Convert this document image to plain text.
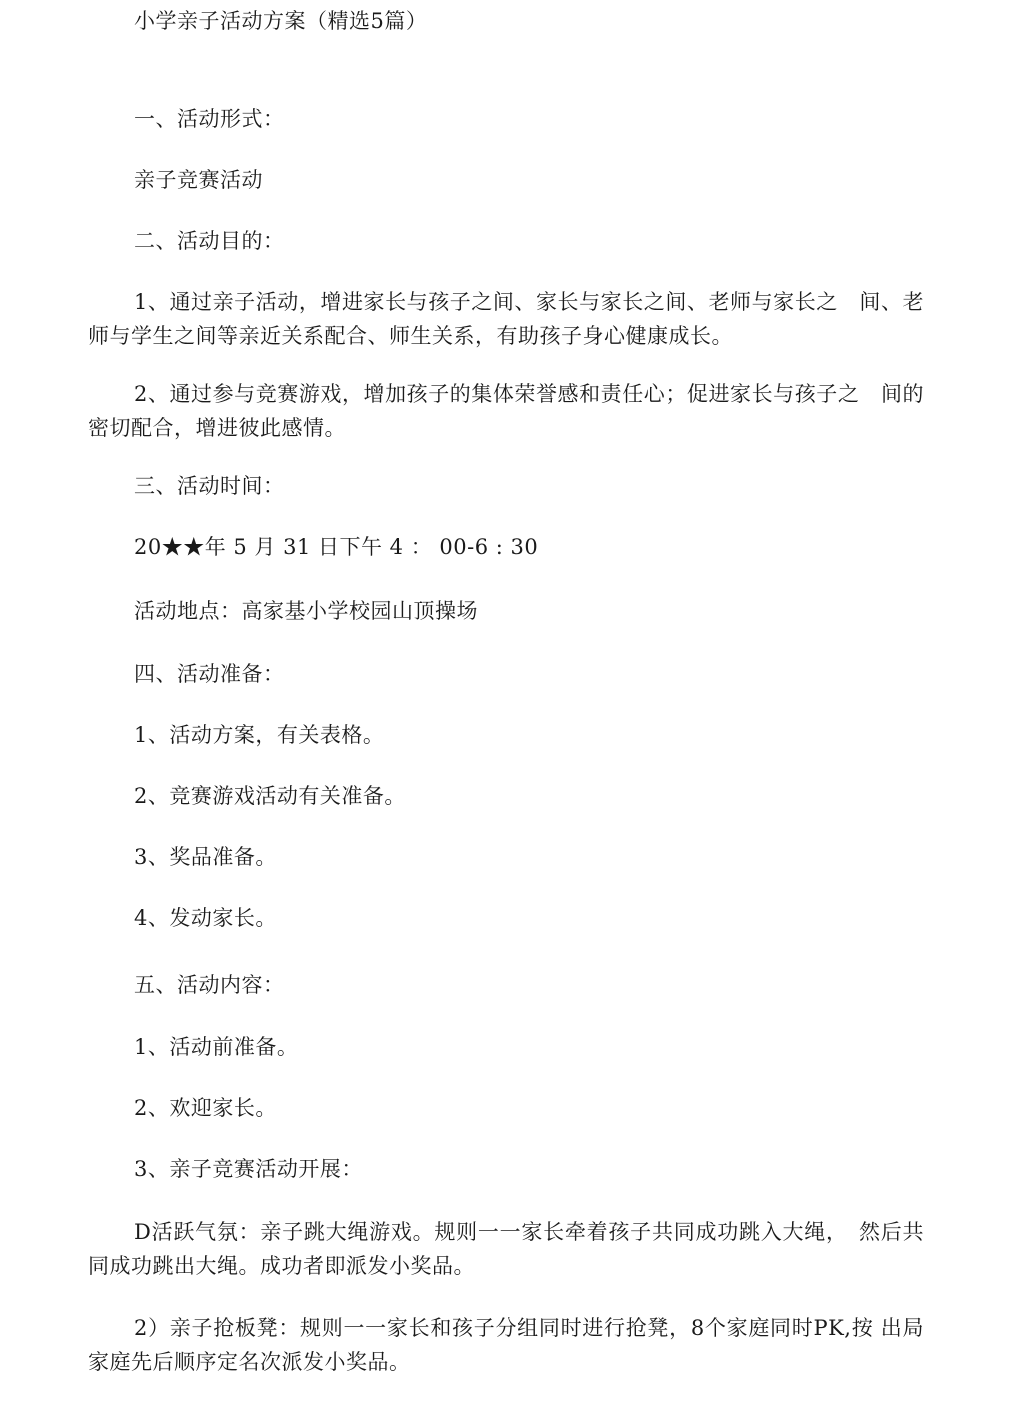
小学亲子活动方案（精选5篇）
一、活动形式：
亲子竞赛活动
二、活动目的：
1、通过亲子活动，增进家长与孩子之间、家长与家长之间、老师与家长之　间、老师与学生之间等亲近关系配合、师生关系，有助孩子身心健康成长。
2、通过参与竞赛游戏，增加孩子的集体荣誉感和责任心；促进家长与孩子之　间的密切配合，增进彼此感情。
三、活动时间：
20★★年 5 月 31 日下午 4 ： 00-6 : 30
活动地点：高家基小学校园山顶操场
四、活动准备：
1、活动方案，有关表格。
2、竞赛游戏活动有关准备。
3、奖品准备。
4、发动家长。
五、活动内容：
1、活动前准备。
2、欢迎家长。
3、亲子竞赛活动开展：
D活跃气氛：亲子跳大绳游戏。规则一一家长牵着孩子共同成功跳入大绳，　然后共同成功跳出大绳。成功者即派发小奖品。
2）亲子抢板凳：规则一一家长和孩子分组同时进行抢凳，8个家庭同时PK,按 出局家庭先后顺序定名次派发小奖品。
